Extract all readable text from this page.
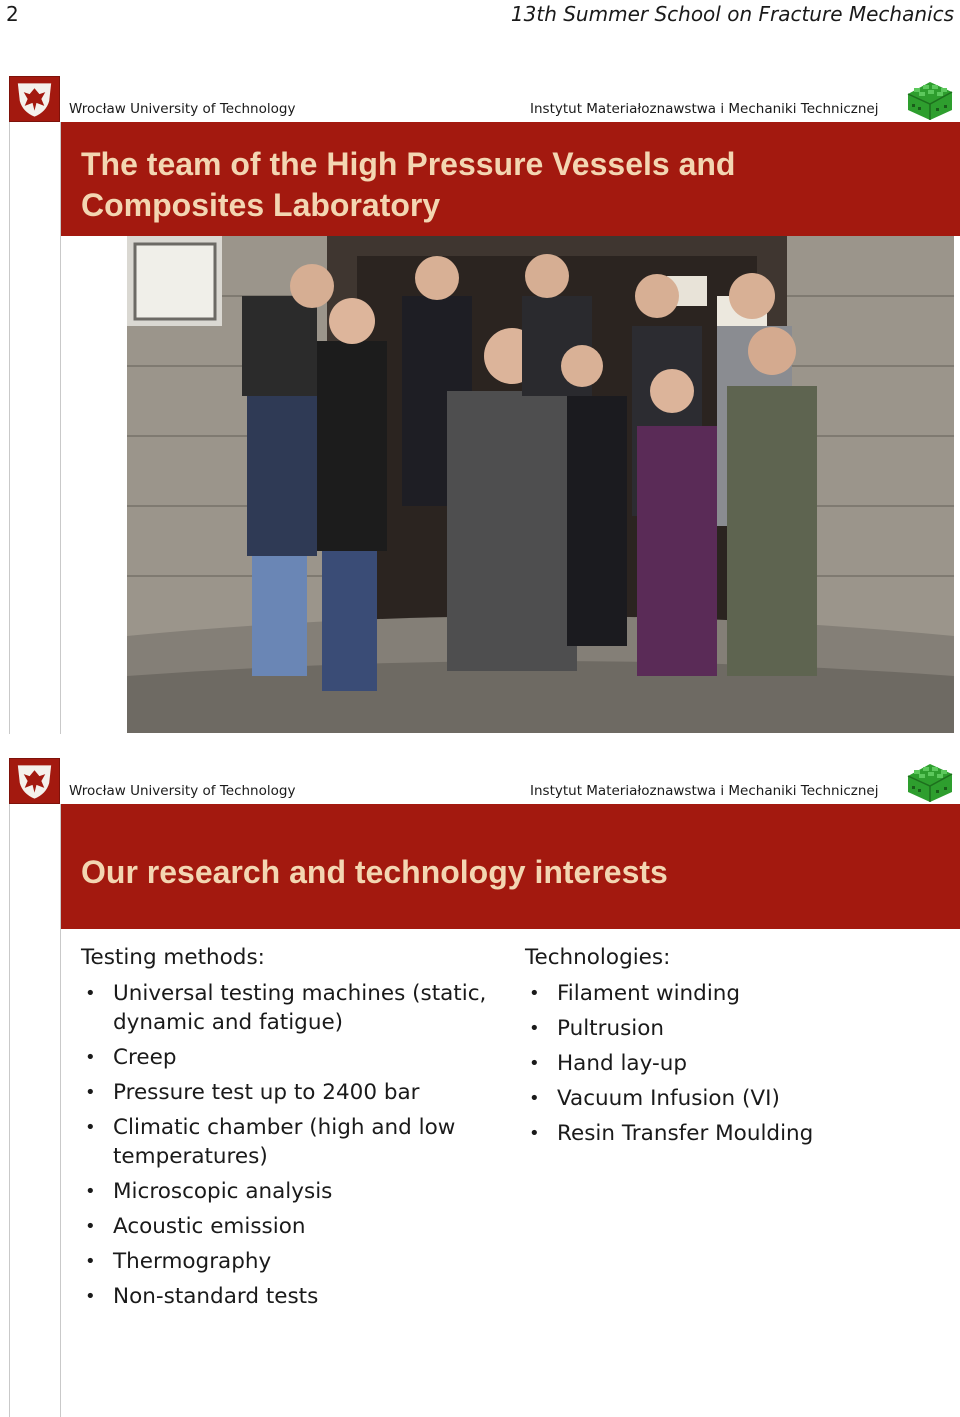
2	13th Summer School on Fracture Mechanics
Wrocław University of Technology	Instytut Materiałoznawstwa i Mechaniki Technicznej
The team of the High Pressure Vessels and Composites Laboratory
Wrocław University of Technology	Instytut Materiałoznawstwa i Mechaniki Technicznej
Our research and technology interests

Testing methods:

• Universal testing machines (static, dynamic and fatigue)
• Creep
• Pressure test up to 2400 bar
• Climatic chamber (high and low temperatures)
• Microscopic analysis
• Acoustic emission
• Thermography
• Non-standard tests

Technologies:

• Filament winding
• Pultrusion
• Hand lay-up
• Vacuum Infusion (VI)
• Resin Transfer Moulding
